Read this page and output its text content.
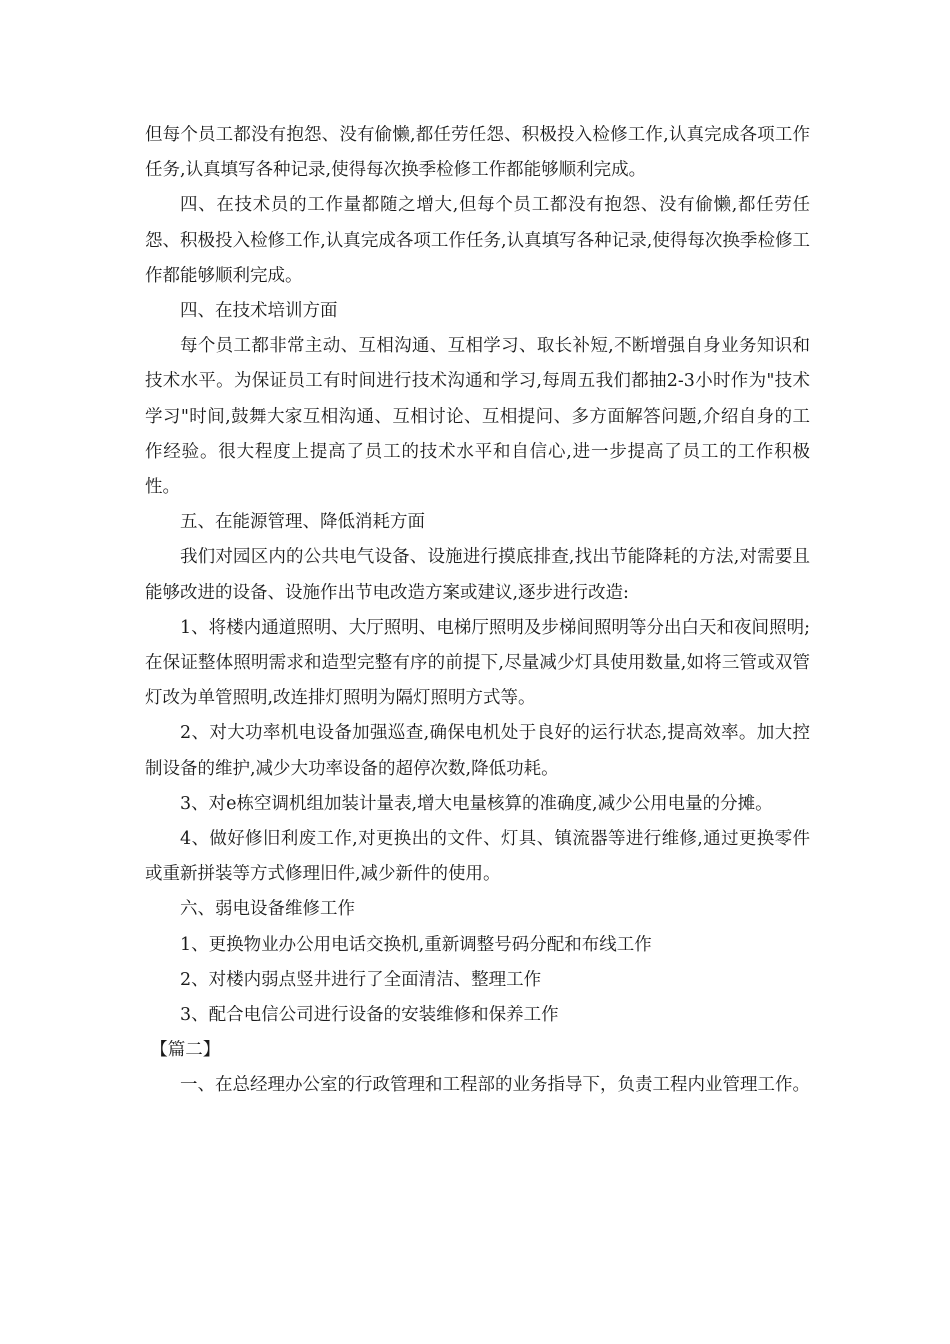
但每个员工都没有抱怨、没有偷懒,都任劳任怨、积极投入检修工作,认真完成各项工作任务,认真填写各种记录,使得每次换季检修工作都能够顺利完成。

四、在技术员的工作量都随之增大,但每个员工都没有抱怨、没有偷懒,都任劳任怨、积极投入检修工作,认真完成各项工作任务,认真填写各种记录,使得每次换季检修工作都能够顺利完成。

四、在技术培训方面

每个员工都非常主动、互相沟通、互相学习、取长补短,不断增强自身业务知识和技术水平。为保证员工有时间进行技术沟通和学习,每周五我们都抽2-3小时作为"技术学习"时间,鼓舞大家互相沟通、互相讨论、互相提问、多方面解答问题,介绍自身的工作经验。很大程度上提高了员工的技术水平和自信心,进一步提高了员工的工作积极性。

五、在能源管理、降低消耗方面

我们对园区内的公共电气设备、设施进行摸底排查,找出节能降耗的方法,对需要且能够改进的设备、设施作出节电改造方案或建议,逐步进行改造:

1、将楼内通道照明、大厅照明、电梯厅照明及步梯间照明等分出白天和夜间照明;在保证整体照明需求和造型完整有序的前提下,尽量减少灯具使用数量,如将三管或双管灯改为单管照明,改连排灯照明为隔灯照明方式等。

2、对大功率机电设备加强巡查,确保电机处于良好的运行状态,提高效率。加大控制设备的维护,减少大功率设备的超停次数,降低功耗。

3、对e栋空调机组加装计量表,增大电量核算的准确度,减少公用电量的分摊。

4、做好修旧利废工作,对更换出的文件、灯具、镇流器等进行维修,通过更换零件或重新拼装等方式修理旧件,减少新件的使用。

六、弱电设备维修工作

1、更换物业办公用电话交换机,重新调整号码分配和布线工作

2、对楼内弱点竖井进行了全面清洁、整理工作

3、配合电信公司进行设备的安装维修和保养工作

【篇二】

一、在总经理办公室的行政管理和工程部的业务指导下，负责工程内业管理工作。
